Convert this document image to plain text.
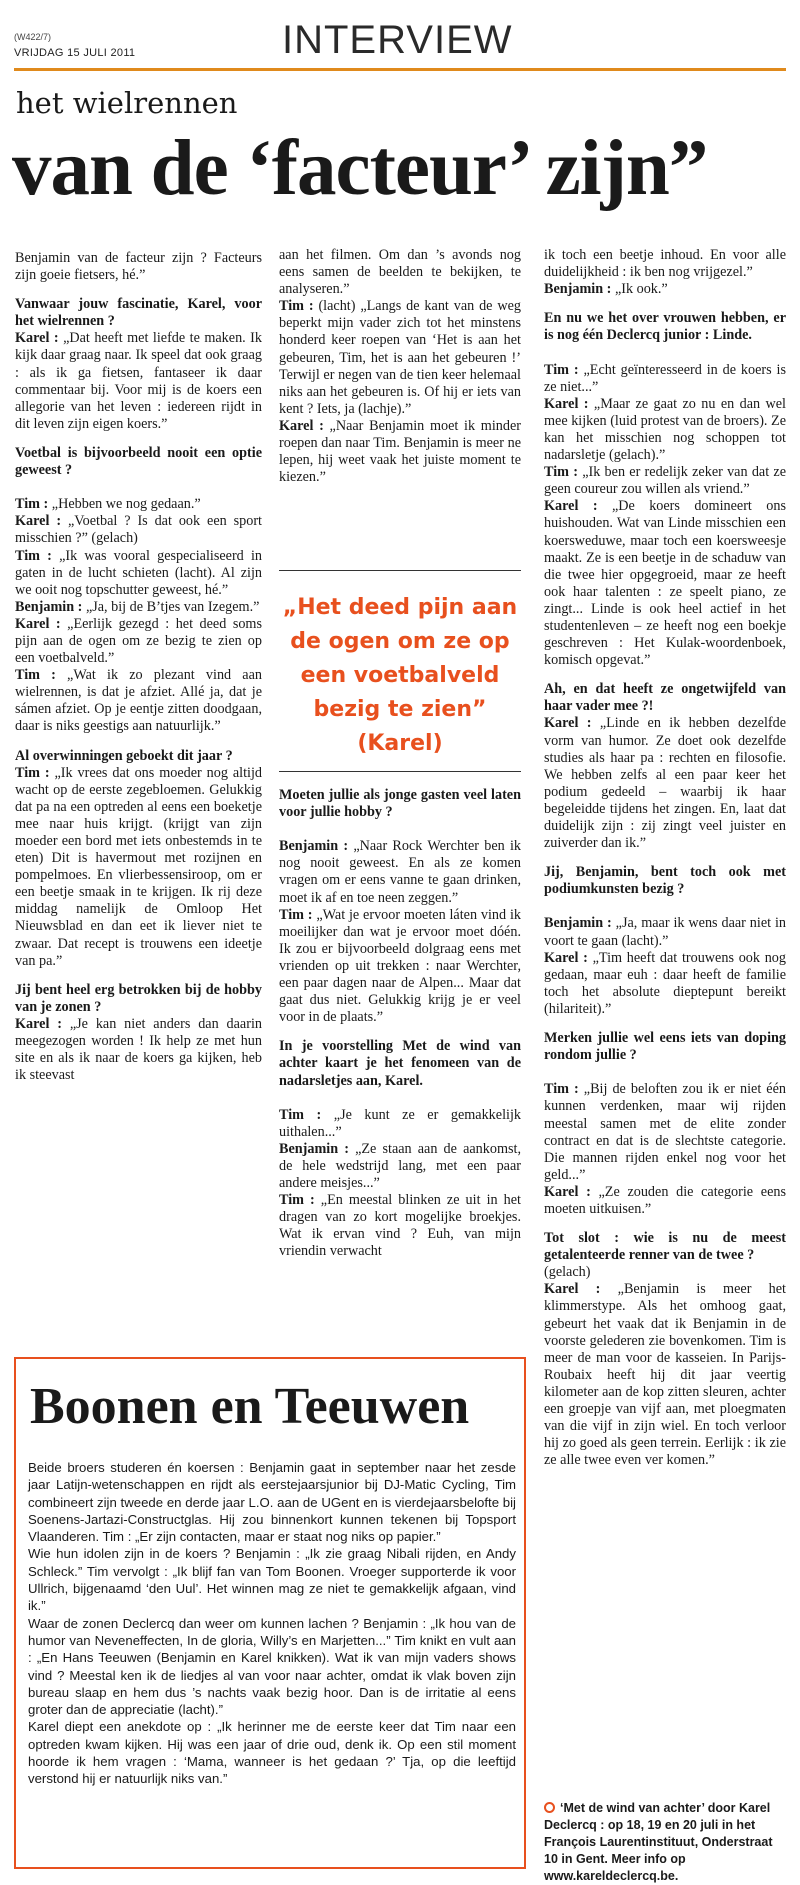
(W422/7)
VRIJDAG 15 JULI 2011	INTERVIEW
het wielrennen
van de ‘facteur’ zijn”

Benjamin van de facteur zijn ? Facteurs zijn goeie fietsers, hé.”

Vanwaar jouw fascinatie, Karel, voor het wielrennen ?
Karel : „Dat heeft met liefde te maken. Ik kijk daar graag naar. Ik speel dat ook graag : als ik ga fietsen, fantaseer ik daar commentaar bij. Voor mij is de koers een allegorie van het leven : iedereen rijdt in dit leven zijn eigen koers.”

Voetbal is bijvoorbeeld nooit een optie geweest ?

Tim : „Hebben we nog gedaan.”
Karel : „Voetbal ? Is dat ook een sport misschien ?” (gelach)
Tim : „Ik was vooral gespecialiseerd in gaten in de lucht schieten (lacht). Al zijn we ooit nog topschutter geweest, hé.”
Benjamin : „Ja, bij de B’tjes van Izegem.”
Karel : „Eerlijk gezegd : het deed soms pijn aan de ogen om ze bezig te zien op een voetbalveld.”
Tim : „Wat ik zo plezant vind aan wielrennen, is dat je afziet. Allé ja, dat je sámen afziet. Op je eentje zitten doodgaan, daar is niks geestigs aan natuurlijk.”

Al overwinningen geboekt dit jaar ?
Tim : „Ik vrees dat ons moeder nog altijd wacht op de eerste zegebloemen. Gelukkig dat pa na een optreden al eens een boeketje mee naar huis krijgt. (krijgt van zijn moeder een bord met iets onbestemds in te eten) Dit is havermout met rozijnen en pompelmoes. En vlierbessensiroop, om er een beetje smaak in te krijgen. Ik rij deze middag namelijk de Omloop Het Nieuwsblad en dan eet ik liever niet te zwaar. Dat recept is trouwens een ideetje van pa.”

Jij bent heel erg betrokken bij de hobby van je zonen ?
Karel : „Je kan niet anders dan daarin meegezogen worden ! Ik help ze met hun site en als ik naar de koers ga kijken, heb ik steevast

aan het filmen. Om dan ’s avonds nog eens samen de beelden te bekijken, te analyseren.”
Tim : (lacht) „Langs de kant van de weg beperkt mijn vader zich tot het minstens honderd keer roepen van ‘Het is aan het gebeuren, Tim, het is aan het gebeuren !’ Terwijl er negen van de tien keer helemaal niks aan het gebeuren is. Of hij er iets van kent ? Iets, ja (lachje).”
Karel : „Naar Benjamin moet ik minder roepen dan naar Tim. Benjamin is meer ne lepen, hij weet vaak het juiste moment te kiezen.”

„Het deed pijn aan de ogen om ze op een voetbalveld bezig te zien” (Karel)

Moeten jullie als jonge gasten veel laten voor jullie hobby ?

Benjamin : „Naar Rock Werchter ben ik nog nooit geweest. En als ze komen vragen om er eens vanne te gaan drinken, moet ik af en toe neen zeggen.”
Tim : „Wat je ervoor moeten láten vind ik moeilijker dan wat je ervoor moet dóén. Ik zou er bijvoorbeeld dolgraag eens met vrienden op uit trekken : naar Werchter, een paar dagen naar de Alpen... Maar dat gaat dus niet. Gelukkig krijg je er veel voor in de plaats.”

In je voorstelling Met de wind van achter kaart je het fenomeen van de nadarsletjes aan, Karel.

Tim : „Je kunt ze er gemakkelijk uithalen...”
Benjamin : „Ze staan aan de aankomst, de hele wedstrijd lang, met een paar andere meisjes...”
Tim : „En meestal blinken ze uit in het dragen van zo kort mogelijke broekjes. Wat ik ervan vind ? Euh, van mijn vriendin verwacht

ik toch een beetje inhoud. En voor alle duidelijkheid : ik ben nog vrijgezel.”
Benjamin : „Ik ook.”

En nu we het over vrouwen hebben, er is nog één Declercq junior : Linde.

Tim : „Echt geïnteresseerd in de koers is ze niet...”
Karel : „Maar ze gaat zo nu en dan wel mee kijken (luid protest van de broers). Ze kan het misschien nog schoppen tot nadarsletje (gelach).”
Tim : „Ik ben er redelijk zeker van dat ze geen coureur zou willen als vriend.”
Karel : „De koers domineert ons huishouden. Wat van Linde misschien een koersweduwe, maar toch een koersweesje maakt. Ze is een beetje in de schaduw van die twee hier opgegroeid, maar ze heeft ook haar talenten : ze speelt piano, ze zingt... Linde is ook heel actief in het studentenleven – ze heeft nog een boekje geschreven : Het Kulak-woordenboek, komisch opgevat.”

Ah, en dat heeft ze ongetwijfeld van haar vader mee ?!
Karel : „Linde en ik hebben dezelfde vorm van humor. Ze doet ook dezelfde studies als haar pa : rechten en filosofie. We hebben zelfs al een paar keer het podium gedeeld – waarbij ik haar begeleidde tijdens het zingen. En, laat dat duidelijk zijn : zij zingt veel juister en zuiverder dan ik.”

Jij, Benjamin, bent toch ook met podiumkunsten bezig ?

Benjamin : „Ja, maar ik wens daar niet in voort te gaan (lacht).”
Karel : „Tim heeft dat trouwens ook nog gedaan, maar euh : daar heeft de familie toch het absolute dieptepunt bereikt (hilariteit).”

Merken jullie wel eens iets van doping rondom jullie ?

Tim : „Bij de beloften zou ik er niet één kunnen verdenken, maar wij rijden meestal samen met de elite zonder contract en dat is de slechtste categorie. Die mannen rijden enkel nog voor het geld...”
Karel : „Ze zouden die categorie eens moeten uitkuisen.”

Tot slot : wie is nu de meest getalenteerde renner van de twee ?
(gelach)
Karel : „Benjamin is meer het klimmerstype. Als het omhoog gaat, gebeurt het vaak dat ik Benjamin in de voorste gelederen zie bovenkomen. Tim is meer de man voor de kasseien. In Parijs-Roubaix heeft hij dit jaar veertig kilometer aan de kop zitten sleuren, achter een groepje van vijf aan, met ploegmaten van die vijf in zijn wiel. En toch verloor hij zo goed als geen terrein. Eerlijk : ik zie ze alle twee even ver komen.”

Boonen en Teeuwen

Beide broers studeren én koersen : Benjamin gaat in september naar het zesde jaar Latijn-wetenschappen en rijdt als eerstejaarsjunior bij DJ-Matic Cycling, Tim combineert zijn tweede en derde jaar L.O. aan de UGent en is vierdejaarsbelofte bij Soenens-Jartazi-Constructglas. Hij zou binnenkort kunnen tekenen bij Topsport Vlaanderen. Tim : „Er zijn contacten, maar er staat nog niks op papier.”

Wie hun idolen zijn in de koers ? Benjamin : „Ik zie graag Nibali rijden, en Andy Schleck.” Tim vervolgt : „Ik blijf fan van Tom Boonen. Vroeger supporterde ik voor Ullrich, bijgenaamd ‘den Uul’. Het winnen mag ze niet te gemakkelijk afgaan, vind ik.”

Waar de zonen Declercq dan weer om kunnen lachen ? Benjamin : „Ik hou van de humor van Neveneffecten, In de gloria, Willy’s en Marjetten...” Tim knikt en vult aan : „En Hans Teeuwen (Benjamin en Karel knikken). Wat ik van mijn vaders shows vind ? Meestal ken ik de liedjes al van voor naar achter, omdat ik vlak boven zijn bureau slaap en hem dus ’s nachts vaak bezig hoor. Dan is de irritatie al eens groter dan de appreciatie (lacht).”

Karel diept een anekdote op : „Ik herinner me de eerste keer dat Tim naar een optreden kwam kijken. Hij was een jaar of drie oud, denk ik. Op een stil moment hoorde ik hem vragen : ‘Mama, wanneer is het gedaan ?’ Tja, op die leeftijd verstond hij er natuurlijk niks van.”

‘Met de wind van achter’ door Karel Declercq : op 18, 19 en 20 juli in het François Laurentinstituut, Onderstraat 10 in Gent. Meer info op www.kareldeclercq.be.
